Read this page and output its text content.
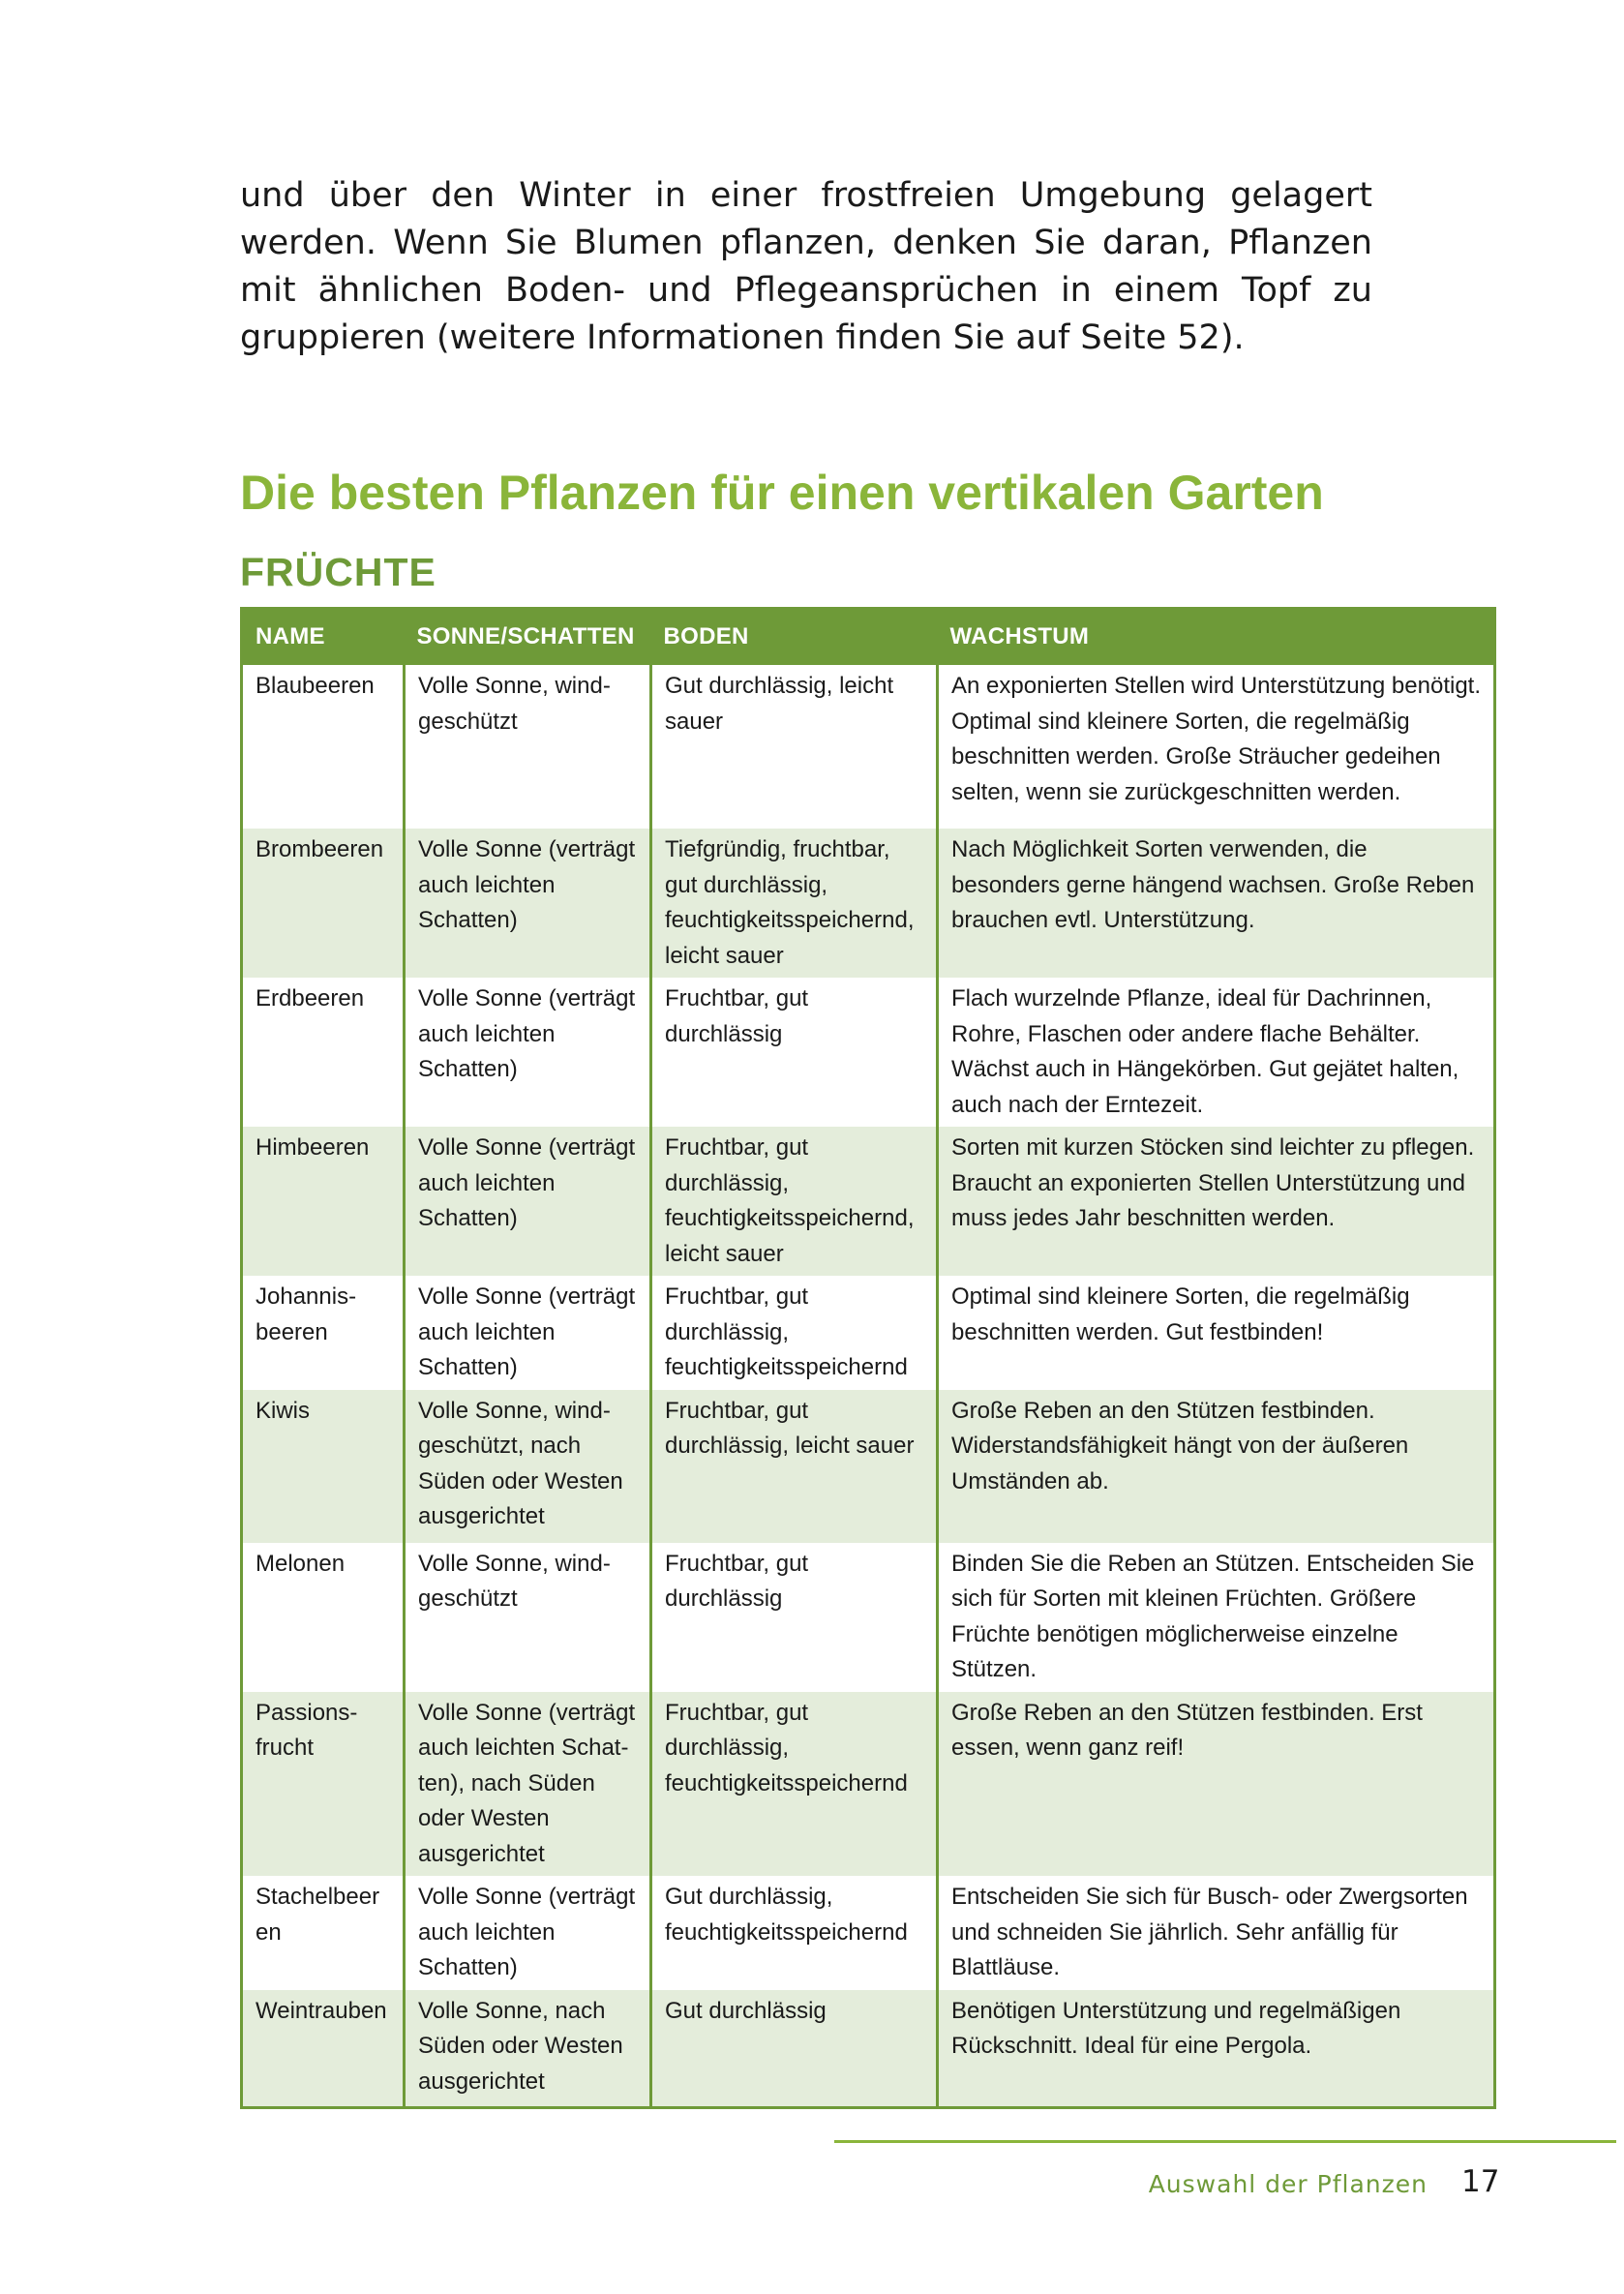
und über den Winter in einer frostfreien Umgebung gelagert werden. Wenn Sie Blumen pflanzen, denken Sie daran, Pflanzen mit ähnlichen Boden- und Pflegeansprüchen in einem Topf zu gruppieren (weitere Informationen finden Sie auf Seite 52).

Die besten Pflanzen für einen vertikalen Garten
FRÜCHTE
NAME	SONNE/SCHATTEN	BODEN	WACHSTUM
Blaubeeren	Volle Sonne, windgeschützt	Gut durchlässig, leicht sauer	An exponierten Stellen wird Unterstützung benötigt. Optimal sind kleinere Sorten, die regelmäßig beschnitten werden. Große Sträucher gedeihen selten, wenn sie zurückgeschnitten werden.
Brombeeren	Volle Sonne (verträgt auch leichten Schatten)	Tiefgründig, fruchtbar, gut durchlässig, feuchtigkeitsspeichernd, leicht sauer	Nach Möglichkeit Sorten verwenden, die besonders gerne hängend wachsen. Große Reben brauchen evtl. Unterstützung.
Erdbeeren	Volle Sonne (verträgt auch leichten Schatten)	Fruchtbar, gut durchlässig	Flach wurzelnde Pflanze, ideal für Dachrinnen, Rohre, Flaschen oder andere flache Behälter. Wächst auch in Hängekörben. Gut gejätet halten, auch nach der Erntezeit.
Himbeeren	Volle Sonne (verträgt auch leichten Schatten)	Fruchtbar, gut durchlässig, feuchtigkeitsspeichernd, leicht sauer	Sorten mit kurzen Stöcken sind leichter zu pflegen. Braucht an exponierten Stellen Unterstützung und muss jedes Jahr beschnitten werden.
Johannisbeeren	Volle Sonne (verträgt auch leichten Schatten)	Fruchtbar, gut durchlässig, feuchtigkeitsspeichernd	Optimal sind kleinere Sorten, die regelmäßig beschnitten werden. Gut festbinden!
Kiwis	Volle Sonne, windgeschützt, nach Süden oder Westen ausgerichtet	Fruchtbar, gut durchlässig, leicht sauer	Große Reben an den Stützen festbinden. Widerstandsfähigkeit hängt von der äußeren Umständen ab.
Melonen	Volle Sonne, windgeschützt	Fruchtbar, gut durchlässig	Binden Sie die Reben an Stützen. Entscheiden Sie sich für Sorten mit kleinen Früchten. Größere Früchte benötigen möglicherweise einzelne Stützen.
Passionsfrucht	Volle Sonne (verträgt auch leichten Schatten), nach Süden oder Westen ausgerichtet	Fruchtbar, gut durchlässig, feuchtigkeitsspeichernd	Große Reben an den Stützen festbinden. Erst essen, wenn ganz reif!
Stachelbeeren	Volle Sonne (verträgt auch leichten Schatten)	Gut durchlässig, feuchtigkeitsspeichernd	Entscheiden Sie sich für Busch- oder Zwergsorten und schneiden Sie jährlich. Sehr anfällig für Blattläuse.
Weintrauben	Volle Sonne, nach Süden oder Westen ausgerichtet	Gut durchlässig	Benötigen Unterstützung und regelmäßigen Rückschnitt. Ideal für eine Pergola.

Auswahl der Pflanzen 17
